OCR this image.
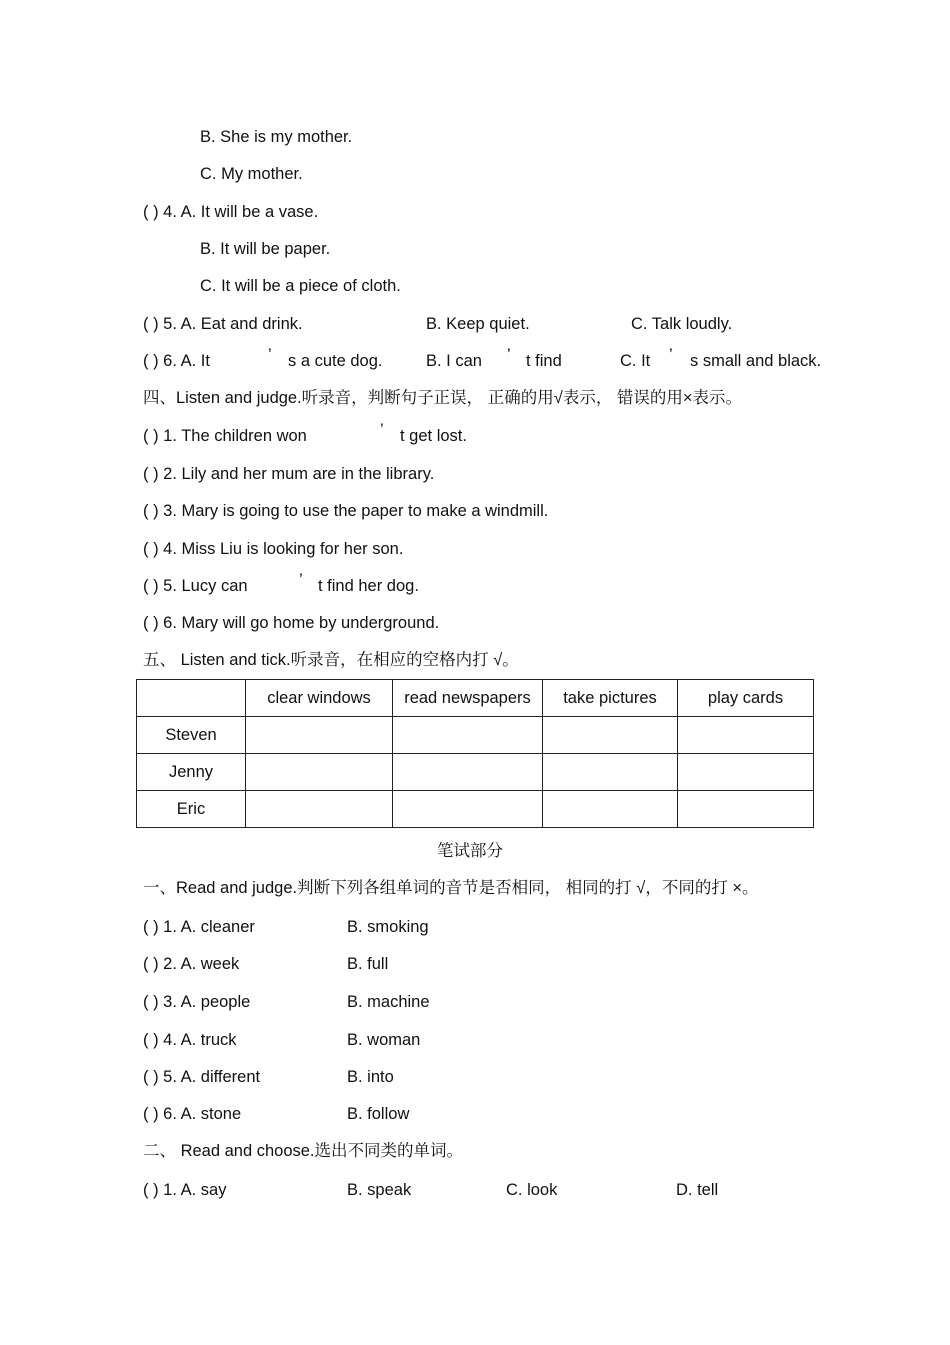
B. She is my mother.
C. My mother.
( ) 4. A. It will be a vase.
B. It will be paper.
C. It will be a piece of cloth.
( ) 5. A. Eat and drink.	B. Keep quiet.	C. Talk loudly.
( ) 6. A. It	’ s a cute dog.	B. I can ’ t find	C. It ’ s small and black.
四、Listen and judge.听录音，判断句子正误， 正确的用√表示， 错误的用×表示。
( ) 1. The children won	’ t get lost.
( ) 2. Lily and her mum are in the library.
( ) 3. Mary is going to use the paper to make a windmill.
( ) 4. Miss Liu is looking for her son.
( ) 5. Lucy can	’ t find her dog.
( ) 6. Mary will go home by underground.
五、 Listen and tick.听录音，在相应的空格内打 √。
	clear windows	read newspapers	take pictures	play cards
Steven				
Jenny				
Eric				
笔试部分
一、Read and judge.判断下列各组单词的音节是否相同， 相同的打 √，不同的打 ×。
( ) 1. A. cleaner	B. smoking
( ) 2. A. week	B. full
( ) 3. A. people	B. machine
( ) 4. A. truck	B. woman
( ) 5. A. different	B. into
( ) 6. A. stone	B. follow
二、 Read and choose.选出不同类的单词。
( ) 1. A. say	B. speak	C. look	D. tell
